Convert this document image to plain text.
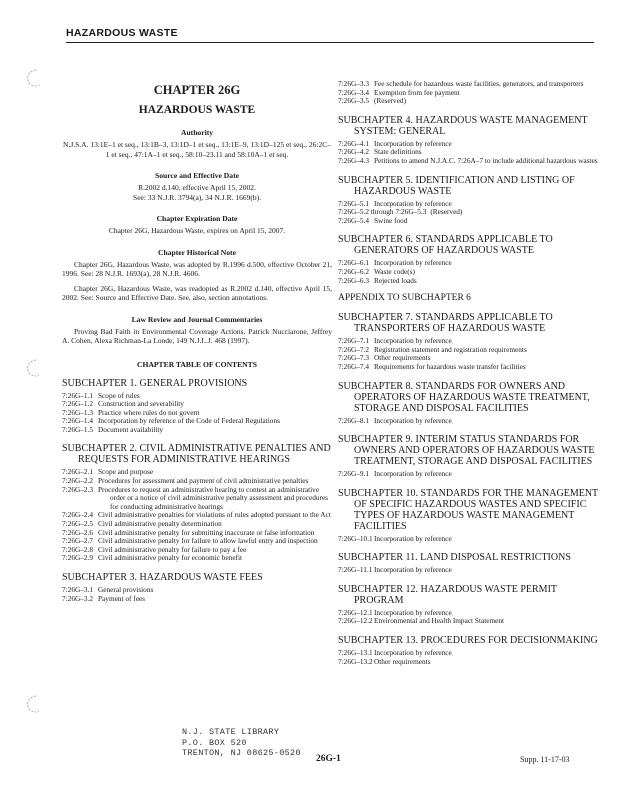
HAZARDOUS WASTE
CHAPTER 26G
HAZARDOUS WASTE
Authority

N.J.S.A. 13:1E–1 et seq., 13:1B–3, 13:1D–1 et seq., 13:1E–9, 13:1D–125 et seq., 26:2C–1 et seq., 47:1A–1 et seq., 58:10–23.11 and 58:10A–1 et seq.

Source and Effective Date

R.2002 d.140, effective April 15, 2002.

See: 33 N.J.R. 3794(a), 34 N.J.R. 1669(b).

Chapter Expiration Date

Chapter 26G, Hazardous Waste, expires on April 15, 2007.

Chapter Historical Note

Chapter 26G, Hazardous Waste, was adopted by R.1996 d.500, effective October 21, 1996. See: 28 N.J.R. 1693(a), 28 N.J.R. 4606.

Chapter 26G, Hazardous Waste, was readopted as R.2002 d.140, effective April 15, 2002. See: Source and Effective Date. See, also, section annotations.

Law Review and Journal Commentaries

Proving Bad Faith in Environmental Coverage Actions. Patrick Nucciarone, Jeffrey A. Cohen, Alexa Richman-La Londe, 149 N.J.L.J. 468 (1997).

CHAPTER TABLE OF CONTENTS
SUBCHAPTER 1. GENERAL PROVISIONS
7:26G–1.1 Scope of rules
7:26G–1.2 Construction and severability
7:26G–1.3 Practice where rules do not govern
7:26G–1.4 Incorporation by reference of the Code of Federal Regulations
7:26G–1.5 Document availability
SUBCHAPTER 2. CIVIL ADMINISTRATIVE PENALTIES AND REQUESTS FOR ADMINISTRATIVE HEARINGS
7:26G–2.1 Scope and purpose
7:26G–2.2 Procedures for assessment and payment of civil administrative penalties
7:26G–2.3 Procedures to request an administrative hearing to contest an administrative order or a notice of civil administrative penalty assessment and procedures for conducting administrative hearings
7:26G–2.4 Civil administrative penalties for violations of rules adopted pursuant to the Act
7:26G–2.5 Civil administrative penalty determination
7:26G–2.6 Civil administrative penalty for submitting inaccurate or false information
7:26G–2.7 Civil administrative penalty for failure to allow lawful entry and inspection
7:26G–2.8 Civil administrative penalty for failure to pay a fee
7:26G–2.9 Civil administrative penalty for economic benefit
SUBCHAPTER 3. HAZARDOUS WASTE FEES
7:26G–3.1 General provisions
7:26G–3.2 Payment of fees
7:26G–3.3 Fee schedule for hazardous waste facilities, generators, and transporters
7:26G–3.4 Exemption from fee payment
7:26G–3.5 (Reserved)
SUBCHAPTER 4. HAZARDOUS WASTE MANAGEMENT SYSTEM: GENERAL
7:26G–4.1 Incorporation by reference
7:26G–4.2 State definitions
7:26G–4.3 Petitions to amend N.J.A.C. 7:26A–7 to include additional hazardous wastes
SUBCHAPTER 5. IDENTIFICATION AND LISTING OF HAZARDOUS WASTE
7:26G–5.1 Incorporation by reference
7:26G–5.2 through 7:26G–5.3 (Reserved)
7:26G–5.4 Swine food
SUBCHAPTER 6. STANDARDS APPLICABLE TO GENERATORS OF HAZARDOUS WASTE
7:26G–6.1 Incorporation by reference
7:26G–6.2 Waste code(s)
7:26G–6.3 Rejected loads
APPENDIX TO SUBCHAPTER 6
SUBCHAPTER 7. STANDARDS APPLICABLE TO TRANSPORTERS OF HAZARDOUS WASTE
7:26G–7.1 Incorporation by reference
7:26G–7.2 Registration statement and registration requirements
7:26G–7.3 Other requirements
7:26G–7.4 Requirements for hazardous waste transfer facilities
SUBCHAPTER 8. STANDARDS FOR OWNERS AND OPERATORS OF HAZARDOUS WASTE TREATMENT, STORAGE AND DISPOSAL FACILITIES
7:26G–8.1 Incorporation by reference
SUBCHAPTER 9. INTERIM STATUS STANDARDS FOR OWNERS AND OPERATORS OF HAZARDOUS WASTE TREATMENT, STORAGE AND DISPOSAL FACILITIES
7:26G–9.1 Incorporation by reference
SUBCHAPTER 10. STANDARDS FOR THE MANAGEMENT OF SPECIFIC HAZARDOUS WASTES AND SPECIFIC TYPES OF HAZARDOUS WASTE MANAGEMENT FACILITIES
7:26G–10.1 Incorporation by reference
SUBCHAPTER 11. LAND DISPOSAL RESTRICTIONS
7:26G–11.1 Incorporation by reference
SUBCHAPTER 12. HAZARDOUS WASTE PERMIT PROGRAM
7:26G–12.1 Incorporation by reference
7:26G–12.2 Environmental and Health Impact Statement
SUBCHAPTER 13. PROCEDURES FOR DECISIONMAKING
7:26G–13.1 Incorporation by reference
7:26G–13.2 Other requirements
N.J. STATE LIBRARY
P.O. BOX 520
TRENTON, NJ 08625-0520
26G-1	Supp. 11-17-03
